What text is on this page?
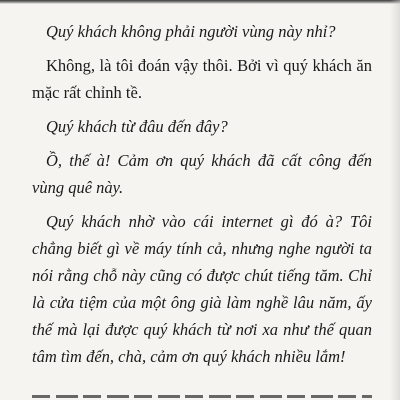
Quý khách không phải người vùng này nhỉ?

Không, là tôi đoán vậy thôi. Bởi vì quý khách ăn mặc rất chỉnh tề.

Quý khách từ đâu đến đây?

Ồ, thế à! Cảm ơn quý khách đã cất công đến vùng quê này.

Quý khách nhờ vào cái internet gì đó à? Tôi chẳng biết gì về máy tính cả, nhưng nghe người ta nói rằng chỗ này cũng có được chút tiếng tăm. Chỉ là cửa tiệm của một ông già làm nghề lâu năm, ấy thế mà lại được quý khách từ nơi xa như thế quan tâm tìm đến, chà, cảm ơn quý khách nhiều lắm!
